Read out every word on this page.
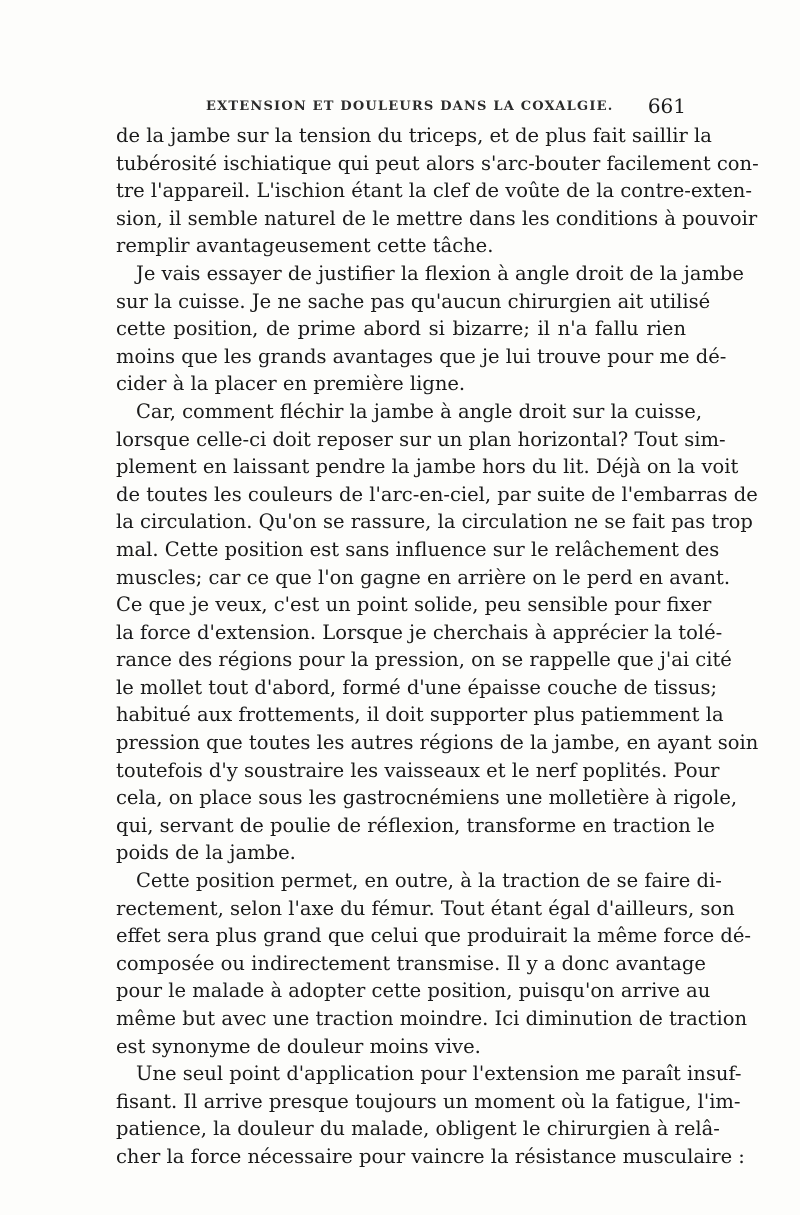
EXTENSION ET DOULEURS DANS LA COXALGIE. 661
de la jambe sur la tension du triceps, et de plus fait saillir la
tubérosité ischiatique qui peut alors s'arc-bouter facilement con-
tre l'appareil. L'ischion étant la clef de voûte de la contre-exten-
sion, il semble naturel de le mettre dans les conditions à pouvoir
remplir avantageusement cette tâche.
Je vais essayer de justifier la flexion à angle droit de la jambe
sur la cuisse. Je ne sache pas qu'aucun chirurgien ait utilisé
cette position, de prime abord si bizarre; il n'a fallu rien
moins que les grands avantages que je lui trouve pour me dé-
cider à la placer en première ligne.
Car, comment fléchir la jambe à angle droit sur la cuisse,
lorsque celle-ci doit reposer sur un plan horizontal? Tout sim-
plement en laissant pendre la jambe hors du lit. Déjà on la voit
de toutes les couleurs de l'arc-en-ciel, par suite de l'embarras de
la circulation. Qu'on se rassure, la circulation ne se fait pas trop
mal. Cette position est sans influence sur le relâchement des
muscles; car ce que l'on gagne en arrière on le perd en avant.
Ce que je veux, c'est un point solide, peu sensible pour fixer
la force d'extension. Lorsque je cherchais à apprécier la tolé-
rance des régions pour la pression, on se rappelle que j'ai cité
le mollet tout d'abord, formé d'une épaisse couche de tissus;
habitué aux frottements, il doit supporter plus patiemment la
pression que toutes les autres régions de la jambe, en ayant soin
toutefois d'y soustraire les vaisseaux et le nerf poplités. Pour
cela, on place sous les gastrocnémiens une molletière à rigole,
qui, servant de poulie de réflexion, transforme en traction le
poids de la jambe.
Cette position permet, en outre, à la traction de se faire di-
rectement, selon l'axe du fémur. Tout étant égal d'ailleurs, son
effet sera plus grand que celui que produirait la même force dé-
composée ou indirectement transmise. Il y a donc avantage
pour le malade à adopter cette position, puisqu'on arrive au
même but avec une traction moindre. Ici diminution de traction
est synonyme de douleur moins vive.
Une seul point d'application pour l'extension me paraît insuf-
fisant. Il arrive presque toujours un moment où la fatigue, l'im-
patience, la douleur du malade, obligent le chirurgien à relâ-
cher la force nécessaire pour vaincre la résistance musculaire :
